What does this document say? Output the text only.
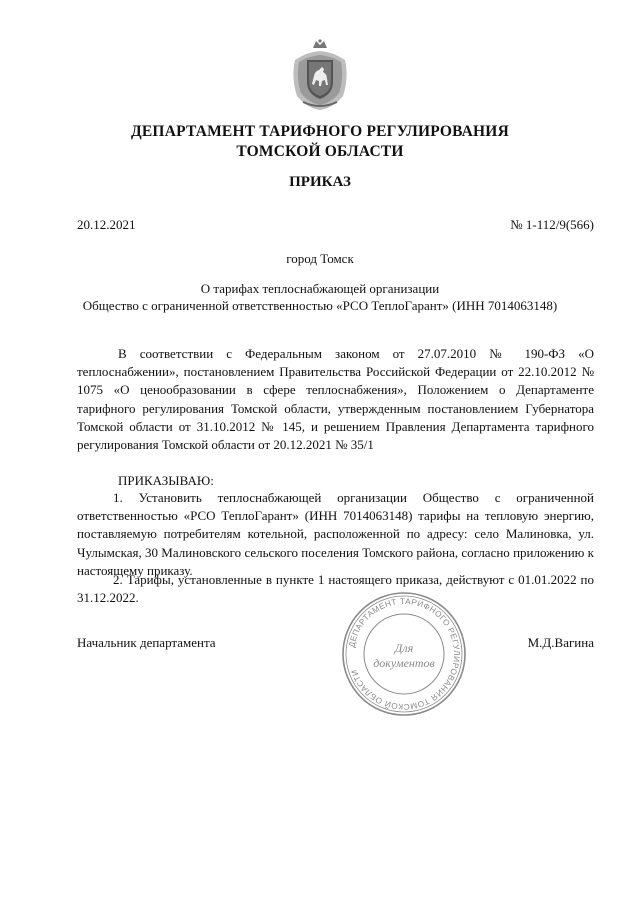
ДЕПАРТАМЕНТ ТАРИФНОГО РЕГУЛИРОВАНИЯ
ТОМСКОЙ ОБЛАСТИ
ПРИКАЗ
20.12.2021	№ 1-112/9(566)
город Томск
О тарифах теплоснабжающей организации
Общество с ограниченной ответственностью «РСО ТеплоГарант» (ИНН 7014063148)
В соответствии с Федеральным законом от 27.07.2010 № 190-ФЗ «О теплоснабжении», постановлением Правительства Российской Федерации от 22.10.2012 № 1075 «О ценообразовании в сфере теплоснабжения», Положением о Департаменте тарифного регулирования Томской области, утвержденным постановлением Губернатора Томской области от 31.10.2012 № 145, и решением Правления Департамента тарифного регулирования Томской области от 20.12.2021 № 35/1
ПРИКАЗЫВАЮ:
1. Установить теплоснабжающей организации Общество с ограниченной ответственностью «РСО ТеплоГарант» (ИНН 7014063148) тарифы на тепловую энергию, поставляемую потребителям котельной, расположенной по адресу: село Малиновка, ул. Чулымская, 30 Малиновского сельского поселения Томского района, согласно приложению к настоящему приказу.
2. Тарифы, установленные в пункте 1 настоящего приказа, действуют с 01.01.2022 по 31.12.2022.
Начальник департамента	М.Д.Вагина
ДЕПАРТАМЕНТ ТАРИФНОГО РЕГУЛИРОВАНИЯ ТОМСКОЙ ОБЛАСТИ
Для
документов
